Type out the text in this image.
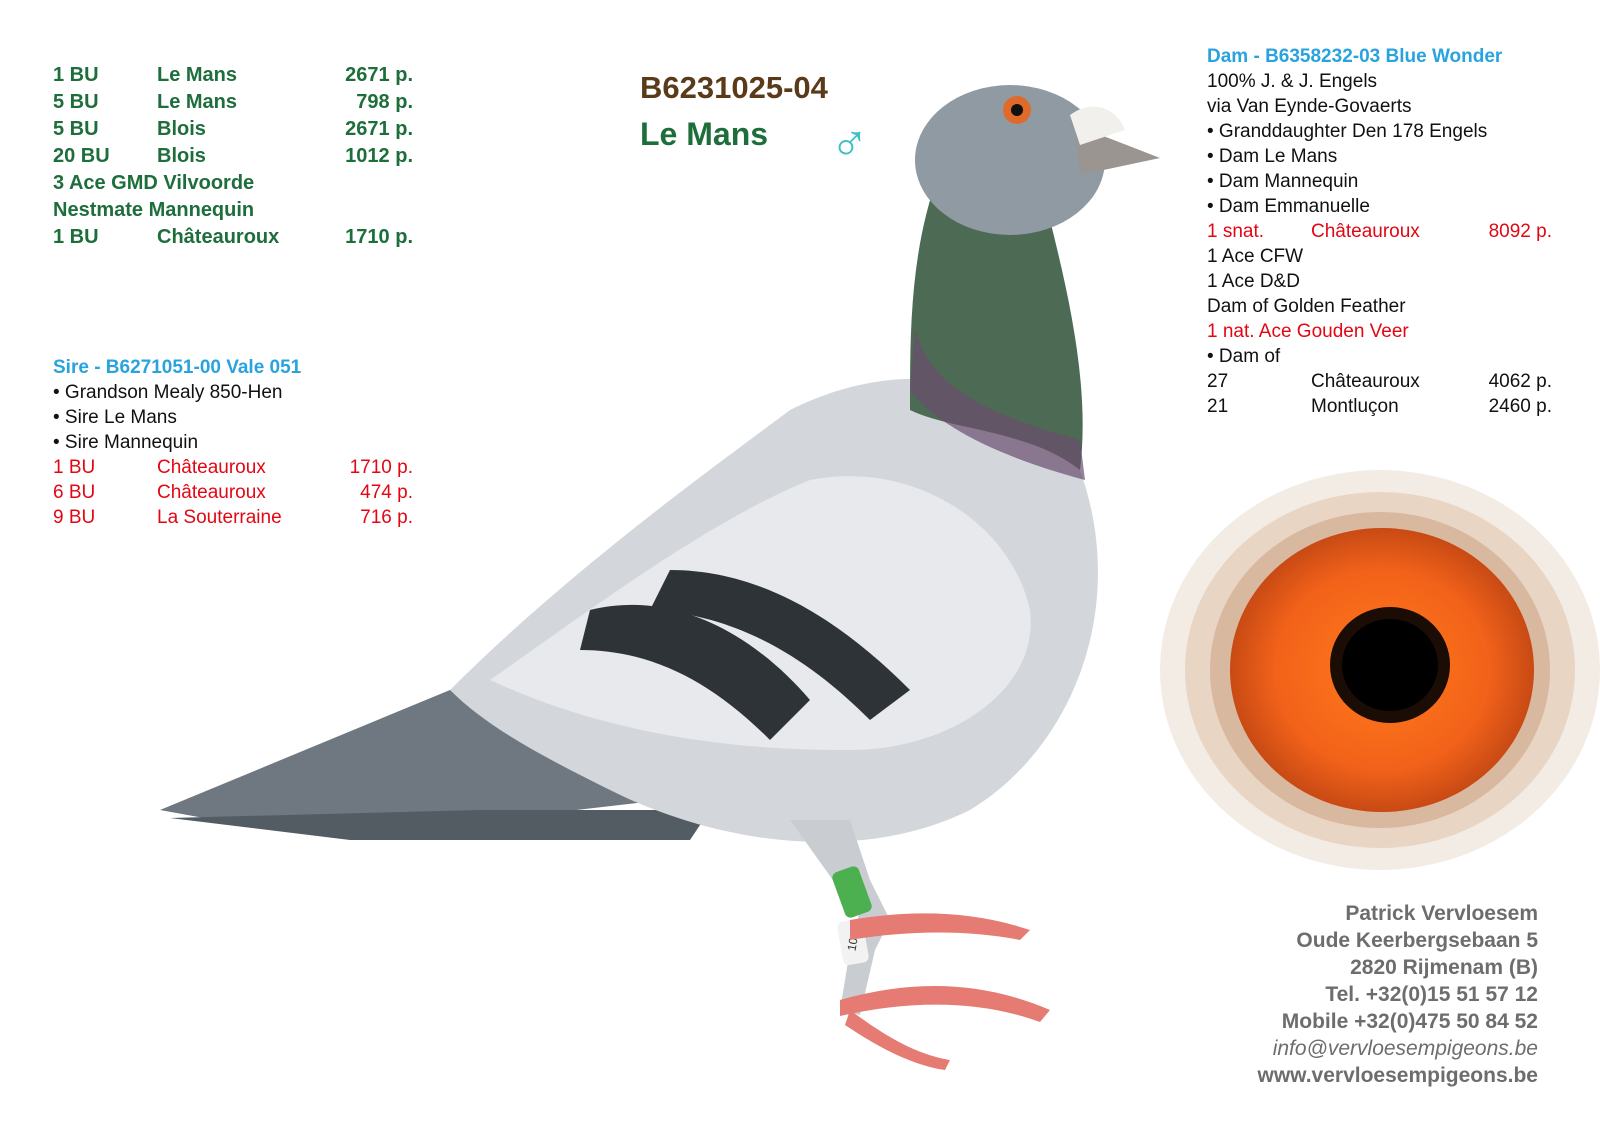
1 BU	Le Mans	2671 p.
5 BU	Le Mans	798 p.
5 BU	Blois	2671 p.
20 BU Blois	1012 p.
3 Ace GMD Vilvoorde
Nestmate Mannequin
1 BU	Châteauroux	1710 p.
Sire - B6271051-00 Vale 051
• Grandson Mealy 850-Hen
• Sire Le Mans
• Sire Mannequin
1 BU	Châteauroux	1710 p.
6 BU	Châteauroux	474 p.
9 BU	La Souterraine	716 p.
B6231025-04
Le Mans ♂
Dam - B6358232-03 Blue Wonder
100% J. & J. Engels
via Van Eynde-Govaerts
• Granddaughter Den 178 Engels
• Dam Le Mans
• Dam Mannequin
• Dam Emmanuelle
1 snat. Châteauroux	8092 p.
1 Ace CFW
1 Ace D&D
Dam of Golden Feather
1 nat. Ace Gouden Veer
• Dam of
27	Châteauroux	4062 p.
21	Montluçon	2460 p.
Patrick Vervloesem
Oude Keerbergsebaan 5
2820 Rijmenam (B)
Tel. +32(0)15 51 57 12
Mobile +32(0)475 50 84 52
info@vervloesempigeons.be
www.vervloesempigeons.be
